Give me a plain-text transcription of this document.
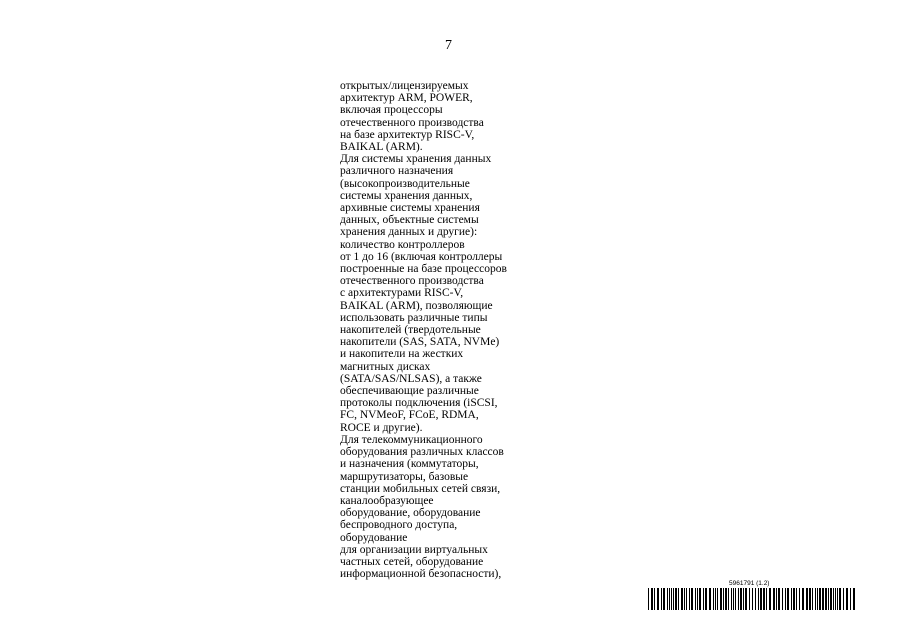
7
открытых/лицензируемых
архитектур ARM, POWER,
включая процессоры
отечественного производства
на базе архитектур RISC-V,
BAIKAL (ARM).
Для системы хранения данных
различного назначения
(высокопроизводительные
системы хранения данных,
архивные системы хранения
данных, объектные системы
хранения данных и другие):
количество контроллеров
от 1 до 16 (включая контроллеры
построенные на базе процессоров
отечественного производства
с архитектурами RISC-V,
BAIKAL (ARM), позволяющие
использовать различные типы
накопителей (твердотельные
накопители (SAS, SATA, NVMe)
и накопители на жестких
магнитных дисках
(SATA/SAS/NLSAS), а также
обеспечивающие различные
протоколы подключения (iSCSI,
FC, NVMeoF, FCoE, RDMA,
ROCE и другие).
Для телекоммуникационного
оборудования различных классов
и назначения (коммутаторы,
маршрутизаторы, базовые
станции мобильных сетей связи,
каналообразующее
оборудование, оборудование
беспроводного доступа,
оборудование
для организации виртуальных
частных сетей, оборудование
информационной безопасности),
5961791 (1.2)
